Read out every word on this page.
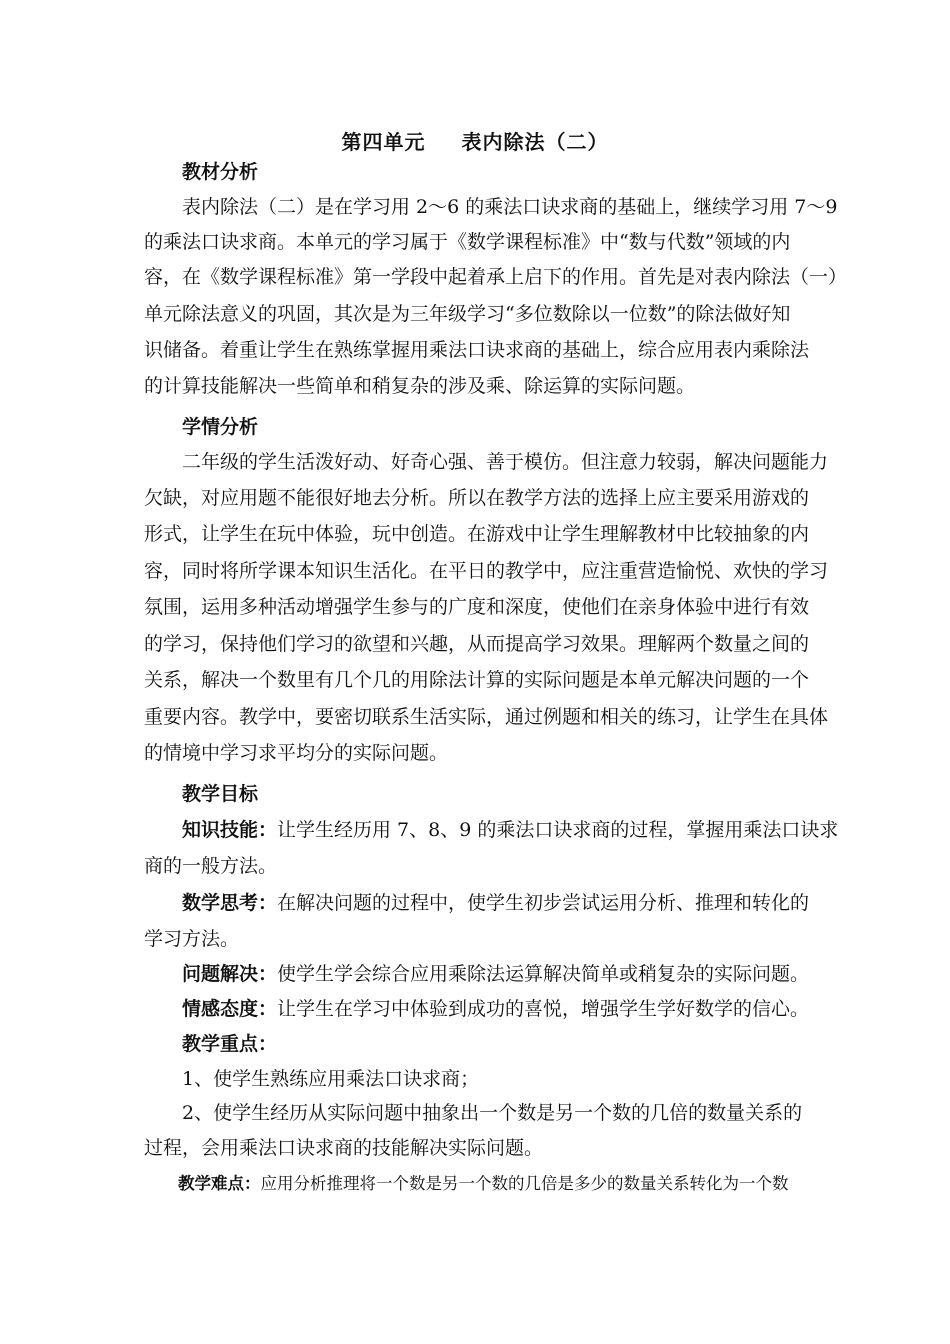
第四单元 表内除法（二）
教材分析
表内除法（二）是在学习用 2～6 的乘法口诀求商的基础上，继续学习用 7～9
的乘法口诀求商。本单元的学习属于《数学课程标准》中“数与代数”领域的内
容，在《数学课程标准》第一学段中起着承上启下的作用。首先是对表内除法（一）
单元除法意义的巩固，其次是为三年级学习“多位数除以一位数”的除法做好知
识储备。着重让学生在熟练掌握用乘法口诀求商的基础上，综合应用表内乘除法
的计算技能解决一些简单和稍复杂的涉及乘、除运算的实际问题。
学情分析
二年级的学生活泼好动、好奇心强、善于模仿。但注意力较弱，解决问题能力
欠缺，对应用题不能很好地去分析。所以在教学方法的选择上应主要采用游戏的
形式，让学生在玩中体验，玩中创造。在游戏中让学生理解教材中比较抽象的内
容，同时将所学课本知识生活化。在平日的教学中，应注重营造愉悦、欢快的学习
氛围，运用多种活动增强学生参与的广度和深度，使他们在亲身体验中进行有效
的学习，保持他们学习的欲望和兴趣，从而提高学习效果。理解两个数量之间的
关系，解决一个数里有几个几的用除法计算的实际问题是本单元解决问题的一个
重要内容。教学中，要密切联系生活实际，通过例题和相关的练习，让学生在具体
的情境中学习求平均分的实际问题。
教学目标
知识技能：让学生经历用 7、8、9 的乘法口诀求商的过程，掌握用乘法口诀求
商的一般方法。
数学思考：在解决问题的过程中，使学生初步尝试运用分析、推理和转化的
学习方法。
问题解决：使学生学会综合应用乘除法运算解决简单或稍复杂的实际问题。
情感态度：让学生在学习中体验到成功的喜悦，增强学生学好数学的信心。
教学重点：
1、使学生熟练应用乘法口诀求商；
2、使学生经历从实际问题中抽象出一个数是另一个数的几倍的数量关系的
过程，会用乘法口诀求商的技能解决实际问题。
教学难点：应用分析推理将一个数是另一个数的几倍是多少的数量关系转化为一个数
